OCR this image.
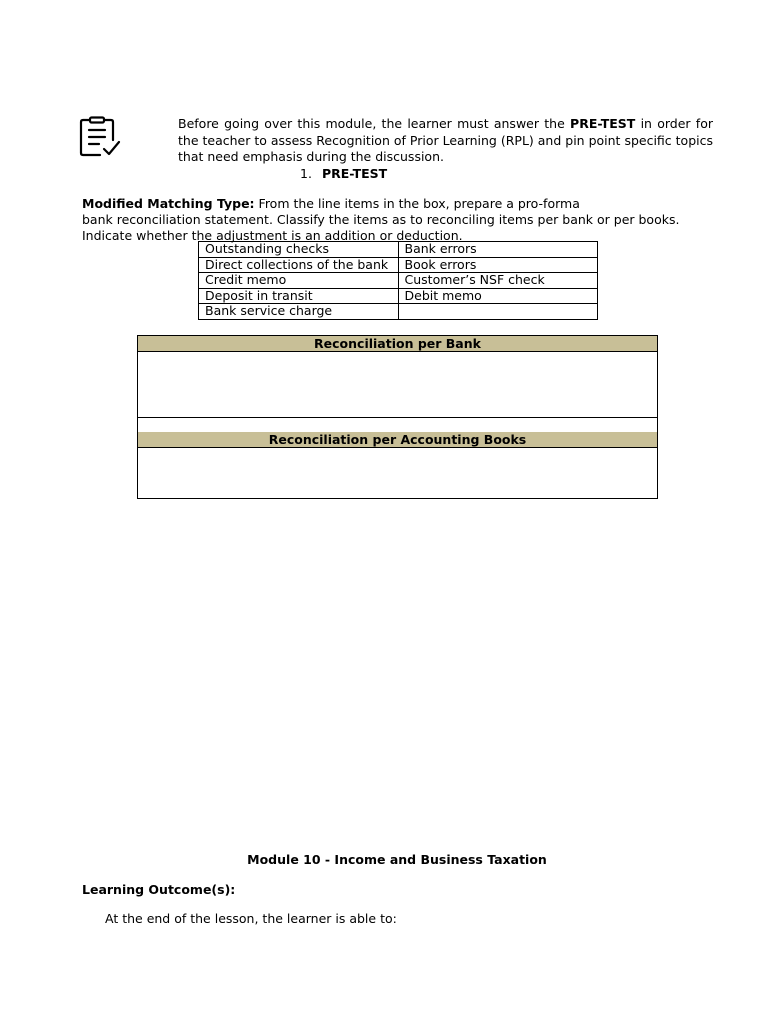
Before going over this module, the learner must answer the PRE-TEST in order for the teacher to assess Recognition of Prior Learning (RPL) and pin point specific topics that need emphasis during the discussion.
1. PRE-TEST
Modified Matching Type: From the line items in the box, prepare a pro-forma
bank reconciliation statement. Classify the items as to reconciling items per bank or per books.
Indicate whether the adjustment is an addition or deduction.
Outstanding checks	Bank errors
Direct collections of the bank	Book errors
Credit memo	Customer’s NSF check
Deposit in transit	Debit memo
Bank service charge	
Reconciliation per Bank
Reconciliation per Accounting Books
Module 10 - Income and Business Taxation
Learning Outcome(s):
At the end of the lesson, the learner is able to:
